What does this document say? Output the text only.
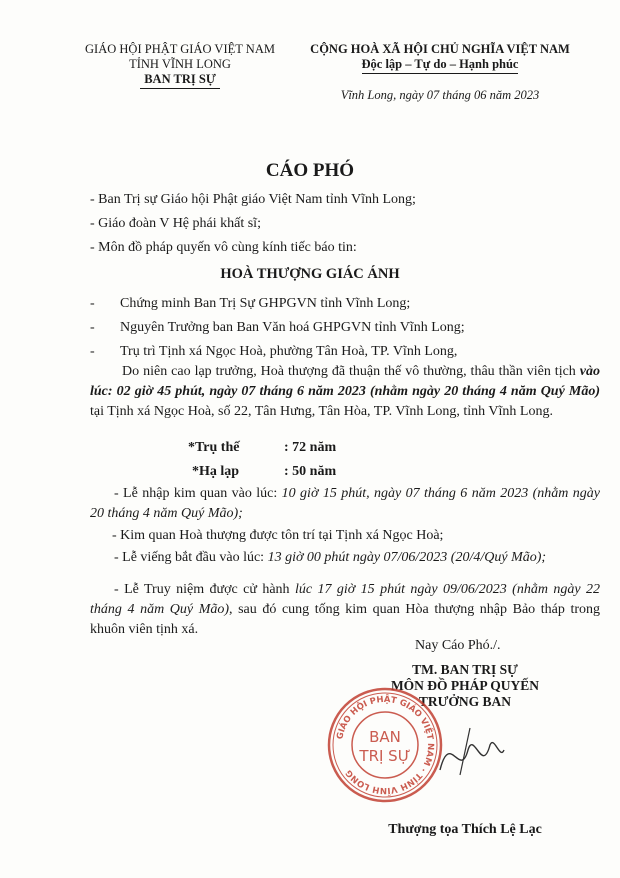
GIÁO HỘI PHẬT GIÁO VIỆT NAM
TỈNH VĨNH LONG
BAN TRỊ SỰ
CỘNG HOÀ XÃ HỘI CHỦ NGHĨA VIỆT NAM
Độc lập – Tự do – Hạnh phúc
Vĩnh Long, ngày 07 tháng 06 năm 2023
CÁO PHÓ
- Ban Trị sự Giáo hội Phật giáo Việt Nam tỉnh Vĩnh Long;
- Giáo đoàn V Hệ phái khất sĩ;
- Môn đồ pháp quyến vô cùng kính tiếc báo tin:
HOÀ THƯỢNG GIÁC ÁNH
- Chứng minh Ban Trị Sự GHPGVN tỉnh Vĩnh Long;
- Nguyên Trưởng ban Ban Văn hoá GHPGVN tỉnh Vĩnh Long;
- Trụ trì Tịnh xá Ngọc Hoà, phường Tân Hoà, TP. Vĩnh Long,
Do niên cao lạp trưởng, Hoà thượng đã thuận thế vô thường, thâu thần viên tịch vào lúc: 02 giờ 45 phút, ngày 07 tháng 6 năm 2023 (nhằm ngày 20 tháng 4 năm Quý Mão) tại Tịnh xá Ngọc Hoà, số 22, Tân Hưng, Tân Hòa, TP. Vĩnh Long, tỉnh Vĩnh Long.
*Trụ thế	: 72 năm
*Hạ lạp	: 50 năm
- Lễ nhập kim quan vào lúc: 10 giờ 15 phút, ngày 07 tháng 6 năm 2023 (nhằm ngày 20 tháng 4 năm Quý Mão);
- Kim quan Hoà thượng được tôn trí tại Tịnh xá Ngọc Hoà;
- Lễ viếng bắt đầu vào lúc: 13 giờ 00 phút ngày 07/06/2023 (20/4/Quý Mão);
- Lễ Truy niệm được cử hành lúc 17 giờ 15 phút ngày 09/06/2023 (nhằm ngày 22 tháng 4 năm Quý Mão), sau đó cung tống kim quan Hòa thượng nhập Bảo tháp trong khuôn viên tịnh xá.
Nay Cáo Phó./.
TM. BAN TRỊ SỰ
MÔN ĐỒ PHÁP QUYẾN
TRƯỞNG BAN
GIÁO HỘI PHẬT GIÁO VIỆT NAM · TỈNH VĨNH LONG
BAN
TRỊ SỰ
Thượng tọa Thích Lệ Lạc
